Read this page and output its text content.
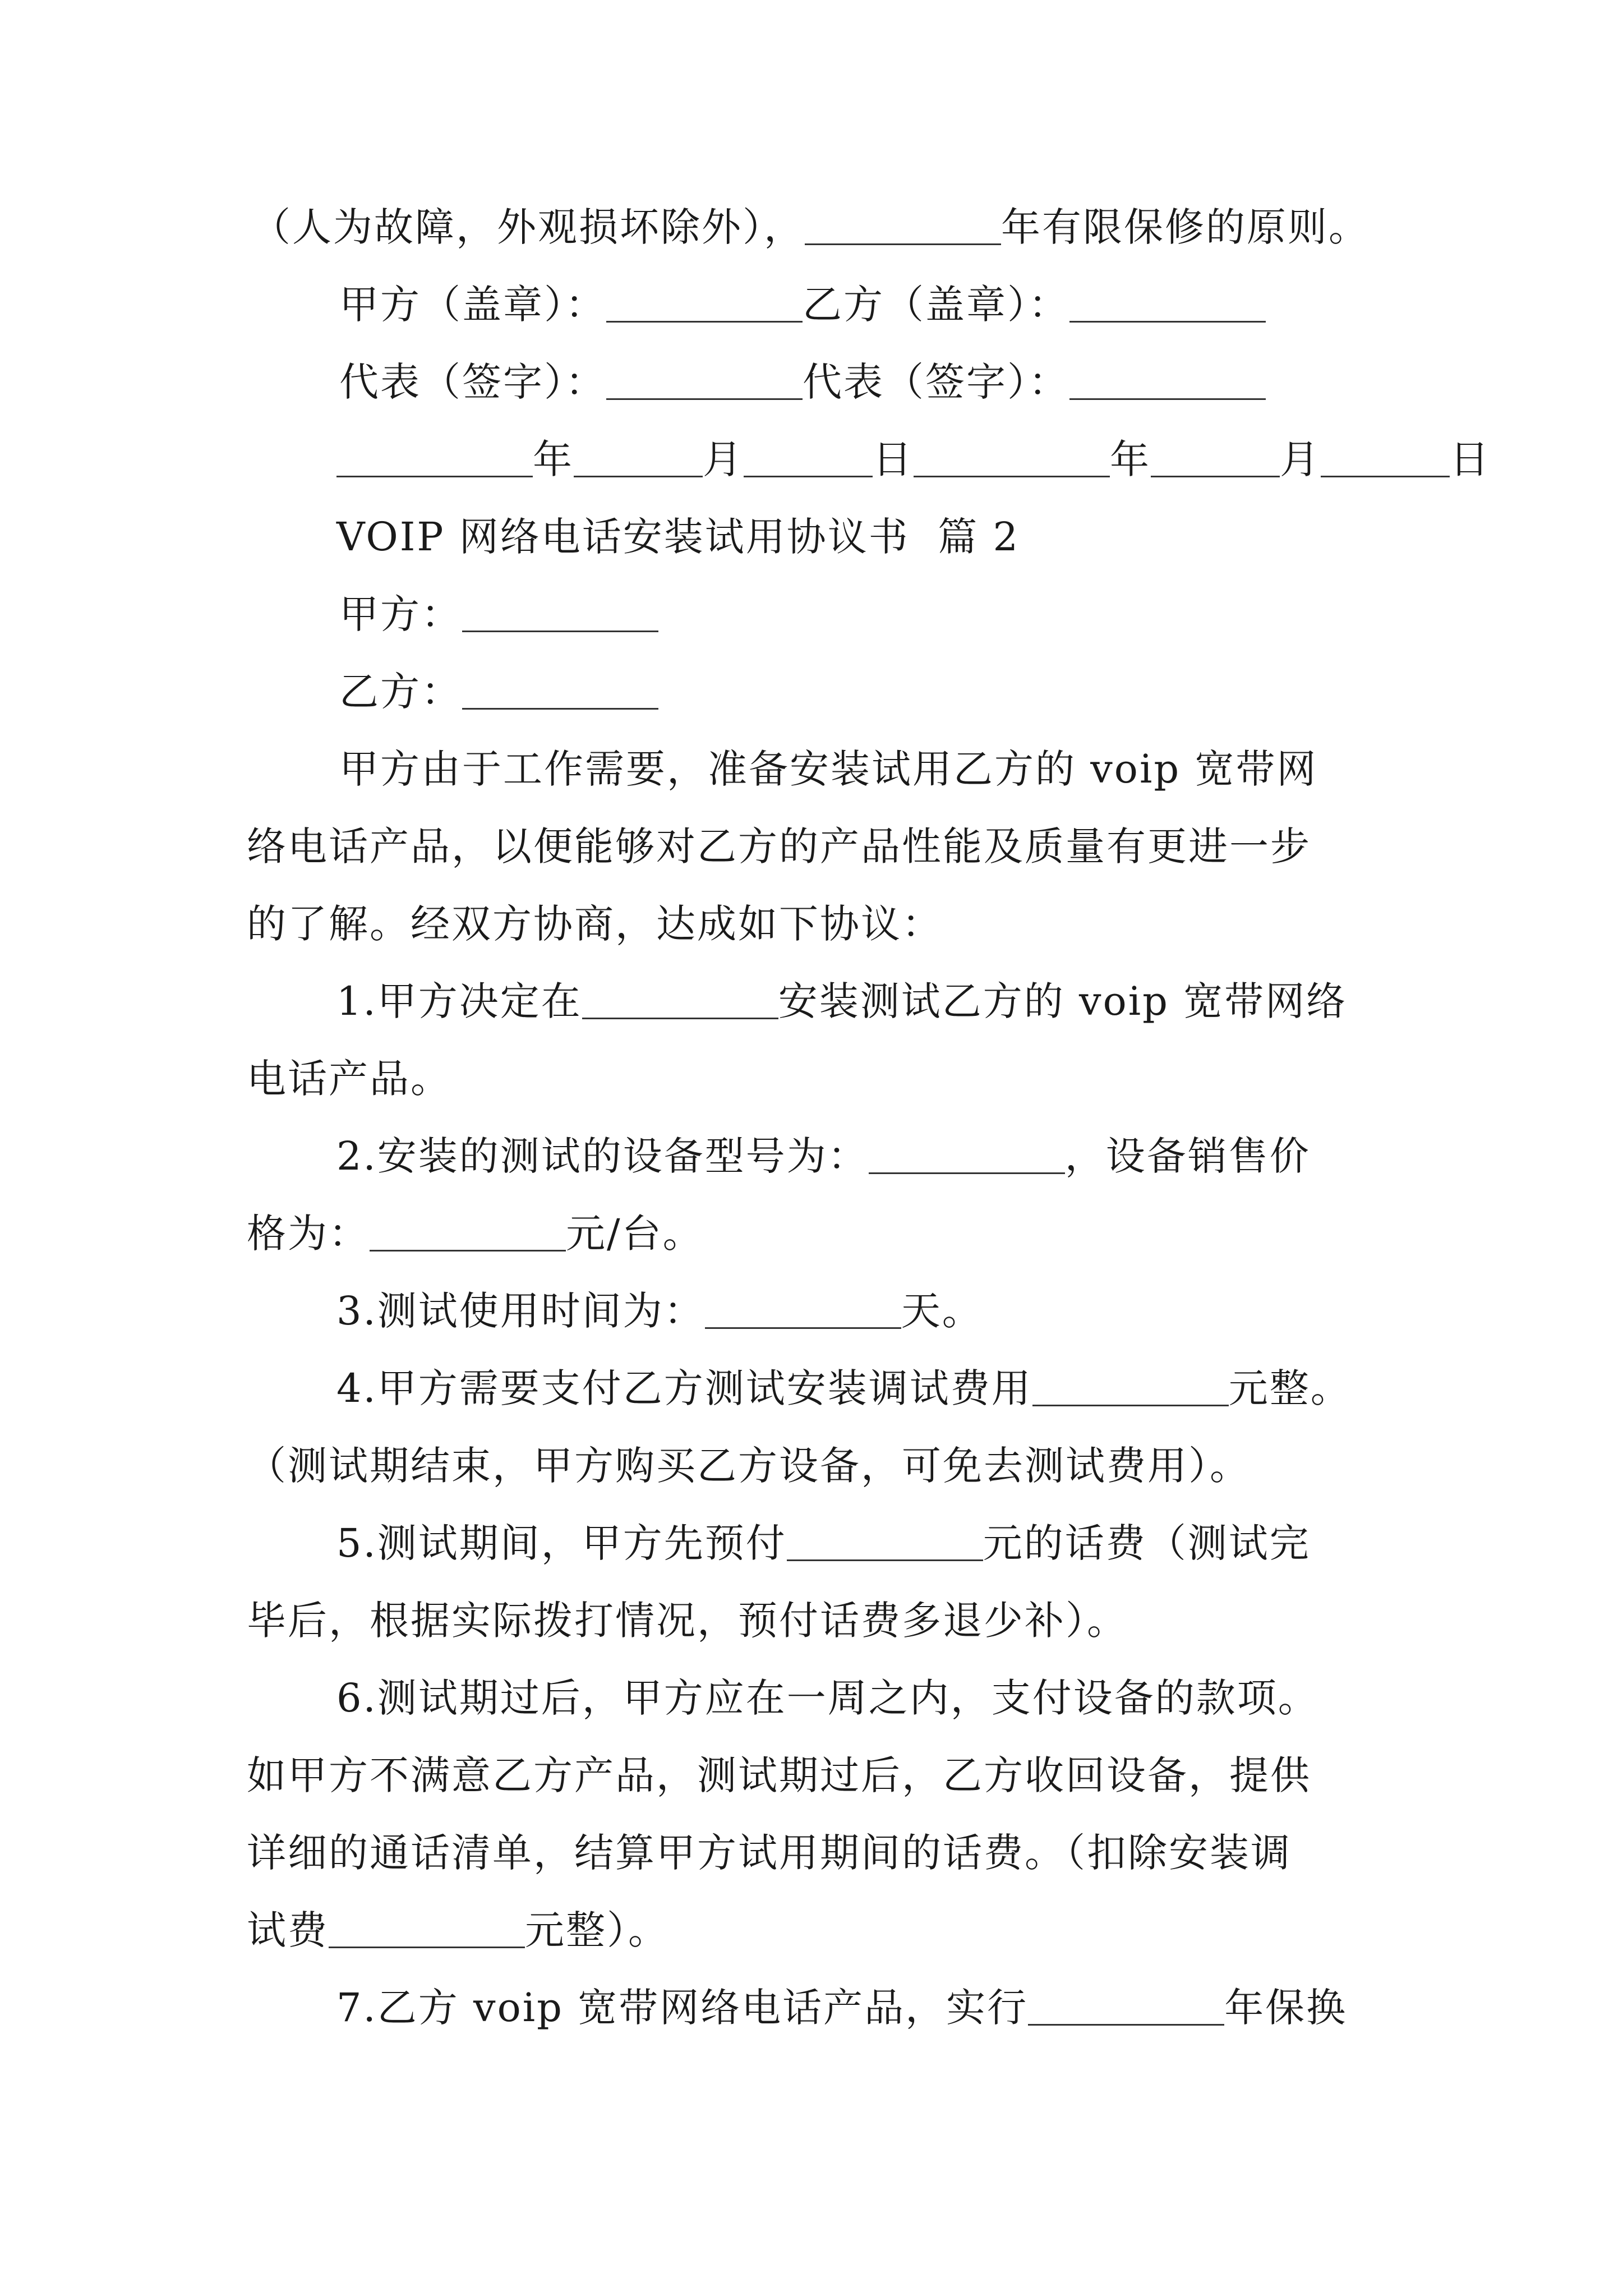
（人为故障，外观损坏除外），	年有限保修的原则。
甲方（盖章）：	乙方（盖章）：
代表（签字）：	代表（签字）：
年	月	日	年	月	日
VOIP 网络电话安装试用协议书  篇 2
甲方：
乙方：
甲方由于工作需要，准备安装试用乙方的 voip 宽带网
络电话产品，以便能够对乙方的产品性能及质量有更进一步
的了解。经双方协商，达成如下协议：
1.甲方决定在	安装测试乙方的 voip 宽带网络
电话产品。
2.安装的测试的设备型号为：	，设备销售价
格为：	元/台。
3.测试使用时间为：	天。
4.甲方需要支付乙方测试安装调试费用	元整。
（测试期结束，甲方购买乙方设备，可免去测试费用）。
5.测试期间，甲方先预付	元的话费（测试完
毕后，根据实际拨打情况，预付话费多退少补）。
6.测试期过后，甲方应在一周之内，支付设备的款项。
如甲方不满意乙方产品，测试期过后，乙方收回设备，提供
详细的通话清单，结算甲方试用期间的话费。（扣除安装调
试费	元整）。
7.乙方 voip 宽带网络电话产品，实行	年保换
